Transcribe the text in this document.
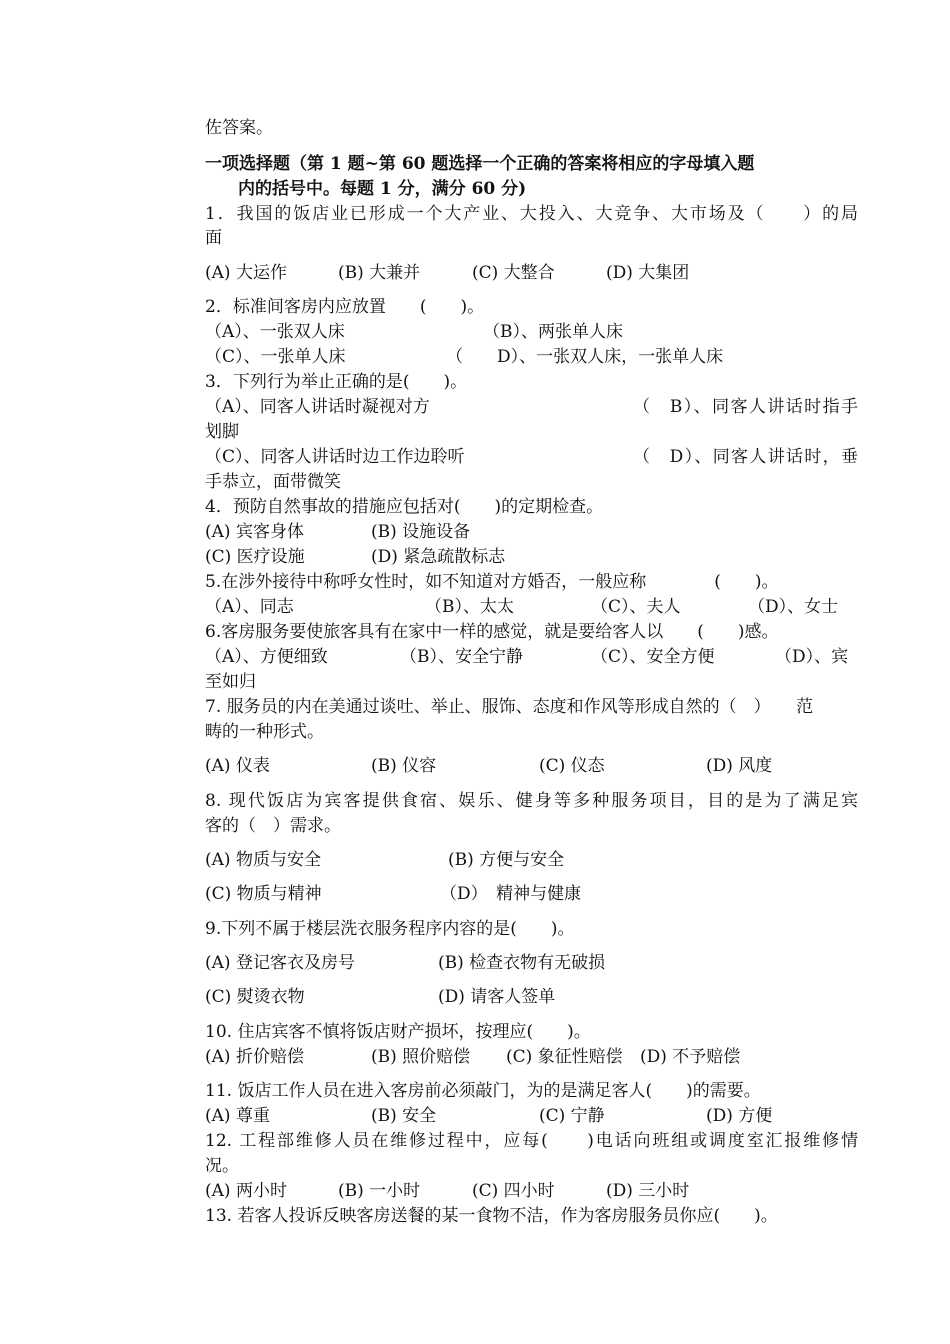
佐答案。
一项选择题（第 1 题~第 60 题选择一个正确的答案将相应的字母填入题
内的括号中。每题 1 分，满分 60 分)
1．我国的饭店业已形成一个大产业、大投入、大竞争、大市场及（　　）的局
面
(A) 大运作	(B) 大兼并	(C) 大整合	(D) 大集团
2．标准间客房内应放置　　(　　)。
（A）、一张双人床	（B）、两张单人床
（C）、一张单人床	（　　D）、一张双人床，一张单人床
3．下列行为举止正确的是(　　)。
（A）、同客人讲话时凝视对方	（　B）、同客人讲话时指手
划脚
（C）、同客人讲话时边工作边聆听	（　D）、同客人讲话时，垂
手恭立，面带微笑
4．预防自然事故的措施应包括对(　　)的定期检查。
(A) 宾客身体	(B) 设施设备
(C) 医疗设施	(D) 紧急疏散标志
5.在涉外接待中称呼女性时，如不知道对方婚否，一般应称　　　　(　　)。
（A）、同志	（B）、太太	（C）、夫人	（D）、女士
6.客房服务要使旅客具有在家中一样的感觉，就是要给客人以　　(　　)感。
（A）、方便细致	（B）、安全宁静	（C）、安全方便	（D）、宾
至如归
7. 服务员的内在美通过谈吐、举止、服饰、态度和作风等形成自然的（　）　　范
畴的一种形式。
(A) 仪表	(B) 仪容	(C) 仪态	(D) 风度
8. 现代饭店为宾客提供食宿、娱乐、健身等多种服务项目，目的是为了满足宾
客的（　）需求。
(A) 物质与安全	(B) 方便与安全
(C) 物质与精神	（D）　精神与健康
9.下列不属于楼层洗衣服务程序内容的是(　　)。
(A) 登记客衣及房号	(B) 检查衣物有无破损
(C) 熨烫衣物	(D) 请客人签单
10. 住店宾客不慎将饭店财产损坏，按理应(　　)。
(A) 折价赔偿	(B) 照价赔偿 (C) 象征性赔偿 (D) 不予赔偿
11. 饭店工作人员在进入客房前必须敲门，为的是满足客人(　　)的需要。
(A) 尊重	(B) 安全	(C) 宁静	(D) 方便
12. 工程部维修人员在维修过程中，应每(　　)电话向班组或调度室汇报维修情
况。
(A) 两小时	(B) 一小时	(C) 四小时	(D) 三小时
13. 若客人投诉反映客房送餐的某一食物不洁，作为客房服务员你应(　　)。
